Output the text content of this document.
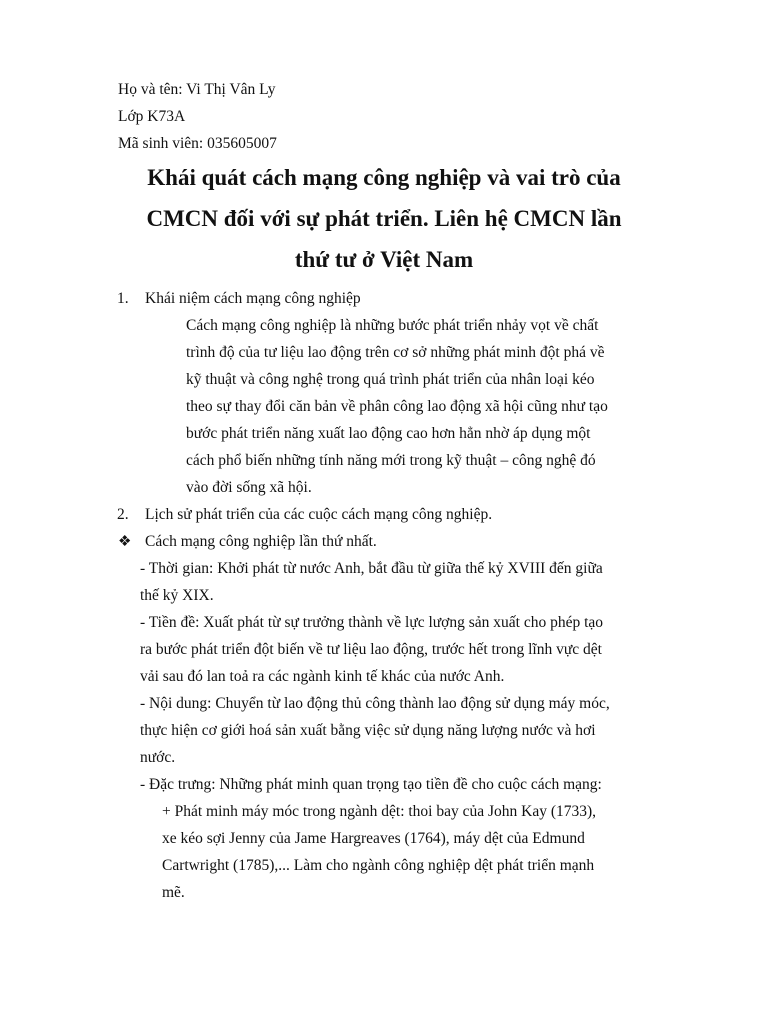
Họ và tên: Vi Thị Vân Ly
Lớp K73A
Mã sinh viên: 035605007
Khái quát cách mạng công nghiệp và vai trò của
CMCN đối với sự phát triển. Liên hệ CMCN lần
thứ tư ở Việt Nam
1. Khái niệm cách mạng công nghiệp
Cách mạng công nghiệp là những bước phát triển nhảy vọt về chất
trình độ của tư liệu lao động trên cơ sở những phát minh đột phá về
kỹ thuật và công nghệ trong quá trình phát triển của nhân loại kéo
theo sự thay đổi căn bản về phân công lao động xã hội cũng như tạo
bước phát triển năng xuất lao động cao hơn hẳn nhờ áp dụng một
cách phổ biến những tính năng mới trong kỹ thuật – công nghệ đó
vào đời sống xã hội.
2. Lịch sử phát triển của các cuộc cách mạng công nghiệp.
❖ Cách mạng công nghiệp lần thứ nhất.
- Thời gian: Khởi phát từ nước Anh, bắt đầu từ giữa thế kỷ XVIII đến giữa
thế kỷ XIX.
- Tiền đề: Xuất phát từ sự trưởng thành về lực lượng sản xuất cho phép tạo
ra bước phát triển đột biến về tư liệu lao động, trước hết trong lĩnh vực dệt
vải sau đó lan toả ra các ngành kinh tế khác của nước Anh.
- Nội dung: Chuyển từ lao động thủ công thành lao động sử dụng máy móc,
thực hiện cơ giới hoá sản xuất bằng việc sử dụng năng lượng nước và hơi
nước.
- Đặc trưng: Những phát minh quan trọng tạo tiền đề cho cuộc cách mạng:
+ Phát minh máy móc trong ngành dệt: thoi bay của John Kay (1733),
xe kéo sợi Jenny của Jame Hargreaves (1764), máy dệt của Edmund
Cartwright (1785),... Làm cho ngành công nghiệp dệt phát triển mạnh
mẽ.
